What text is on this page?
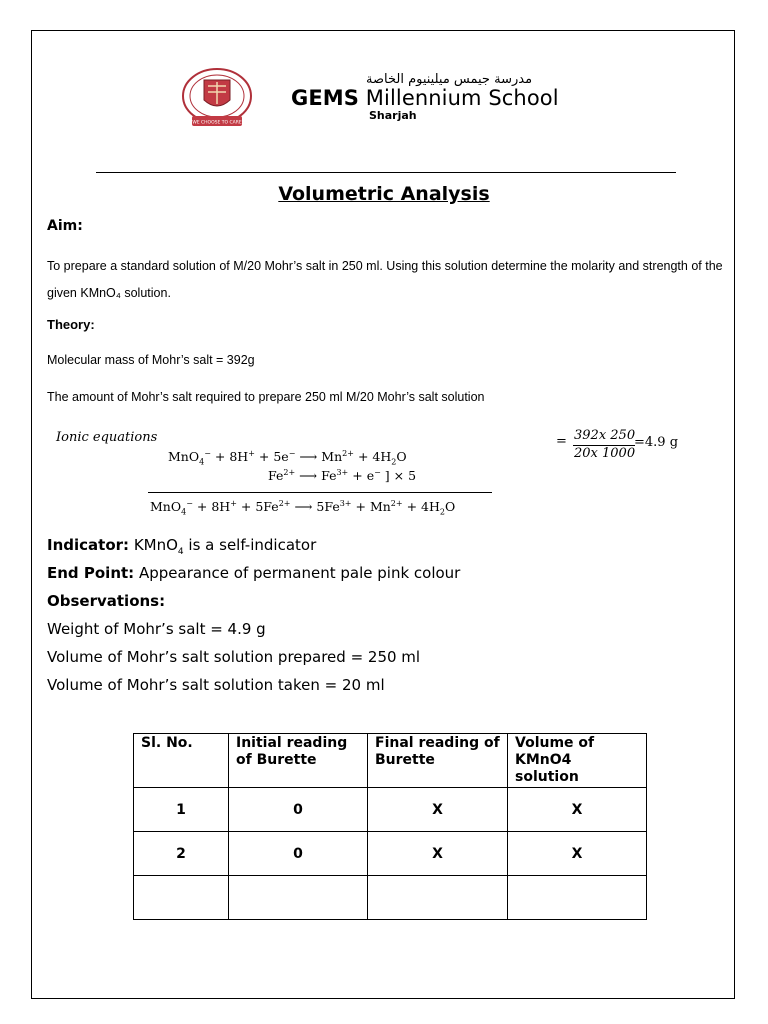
WE CHOOSE TO CARE
مدرسة جيمس ميلينيوم الخاصة
GEMS Millennium School
Sharjah
Volumetric Analysis
Aim:
To prepare a standard solution of M/20 Mohr’s salt in 250 ml. Using this solution determine the molarity and strength of the given KMnO₄ solution.
Theory:
Molecular mass of Mohr’s salt = 392g
The amount of Mohr’s salt required to prepare 250 ml M/20 Mohr’s salt solution
Ionic equations
MnO$_4$− + 8H+ + 5e− ⟶ $Mn^{2+} + 4H_2O$
$Fe^{2+}$ ⟶ $Fe^{3+} + e^-$ ] × 5
$MnO_4^- + 8H^+ + 5Fe^{2+}$ ⟶ $5Fe^{3+} + Mn^{2+} + 4H_2O$
= 392x 250
20x 1000
=4.9 g
Indicator: KMnO$_4$ is a self-indicator
End Point: Appearance of permanent pale pink colour
Observations:
Weight of Mohr’s salt = 4.9 g
Volume of Mohr’s salt solution prepared = 250 ml
Volume of Mohr’s salt solution taken = 20 ml
Sl. No.	Initial reading of Burette	Final reading of Burette	Volume of KMnO4 solution
1	0	X	X
2	0	X	X
